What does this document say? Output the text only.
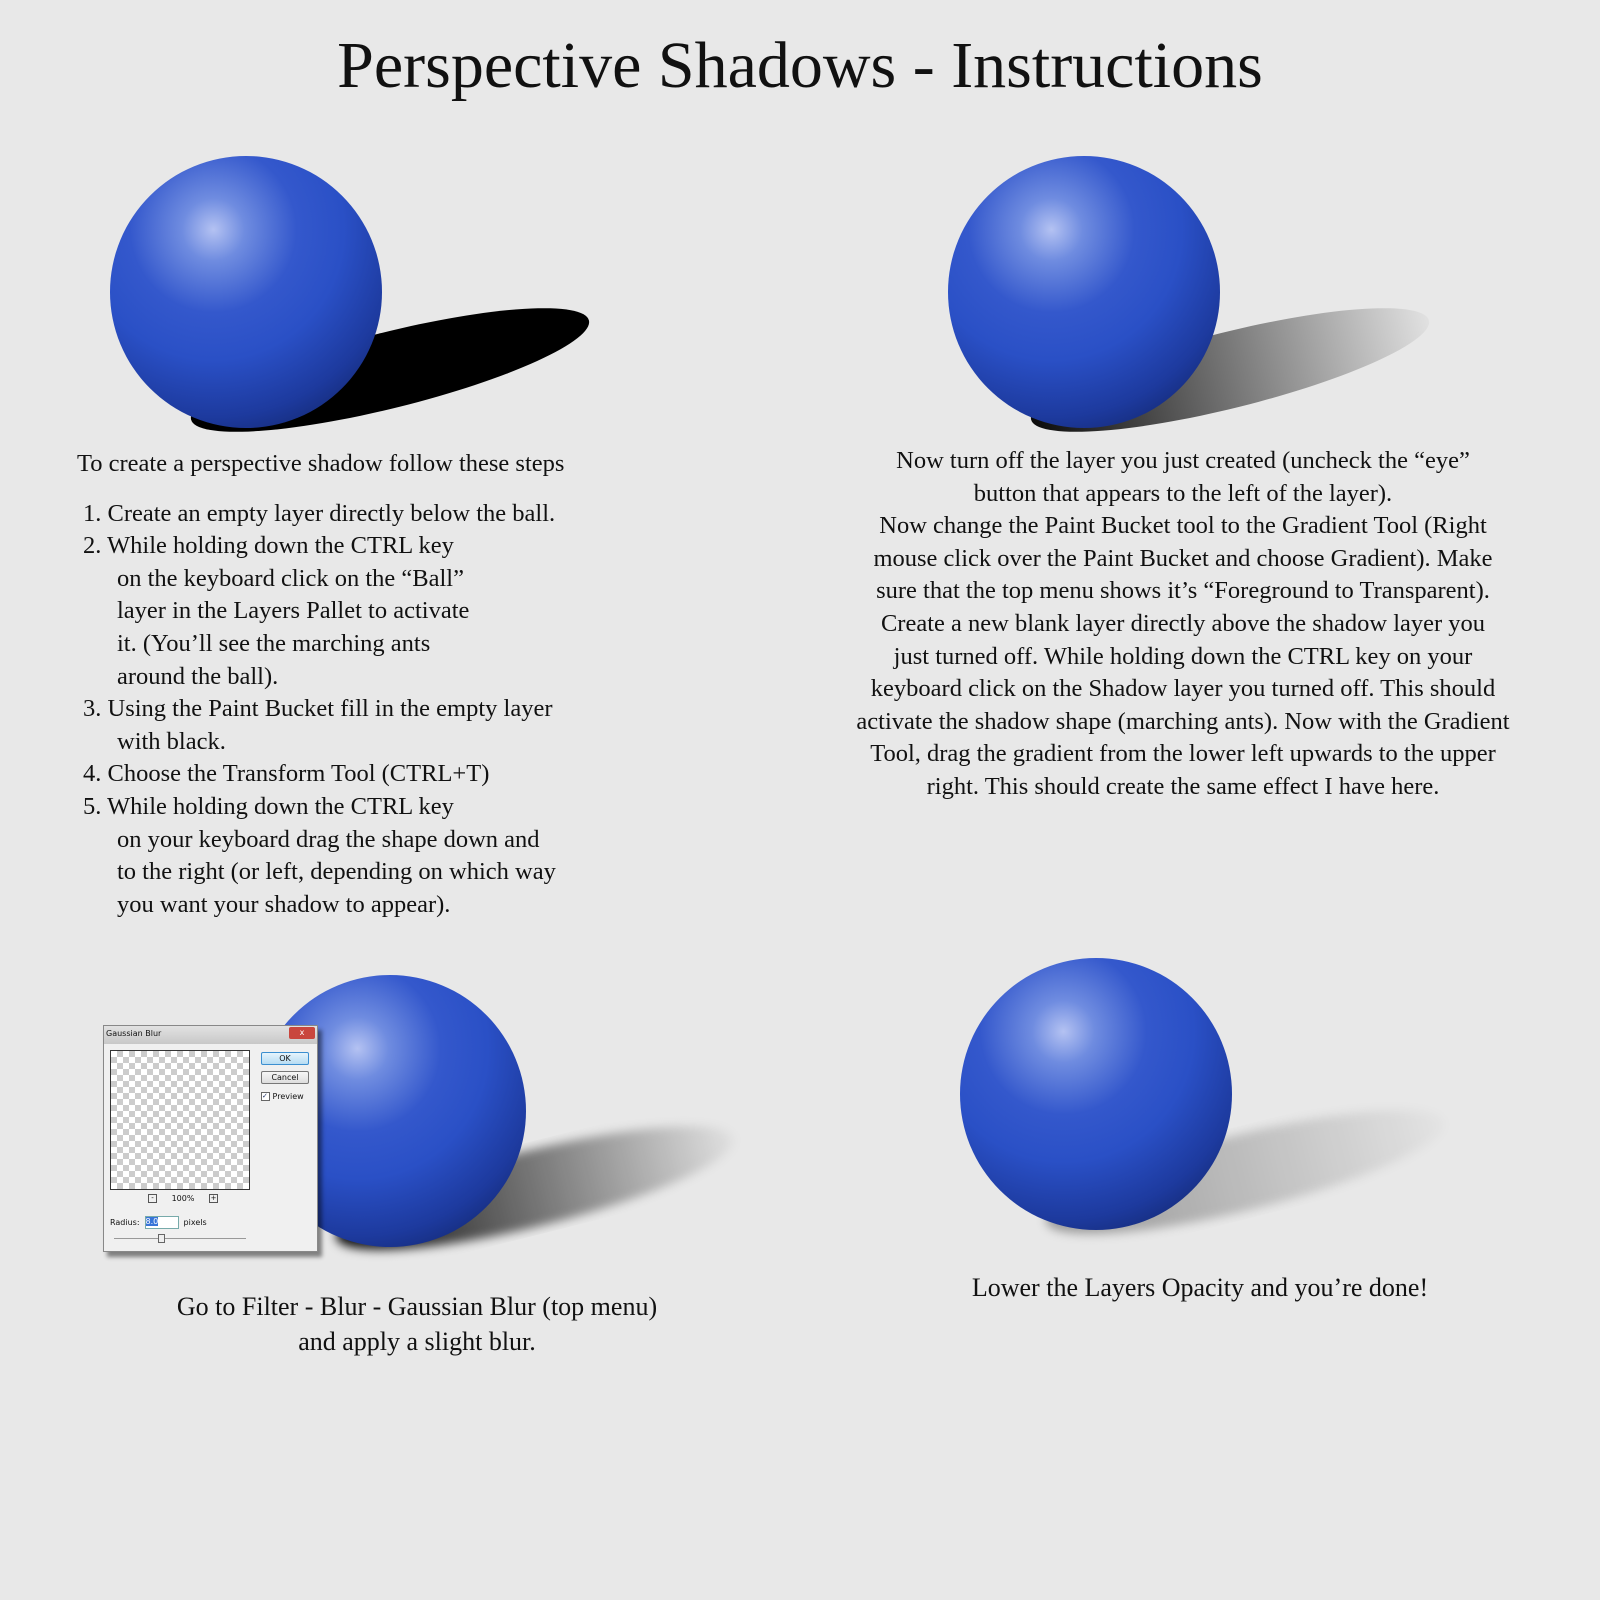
Perspective Shadows - Instructions
To create a perspective shadow follow these steps
1. Create an empty layer directly below the ball.
2. While holding down the CTRL key
on the keyboard click on the “Ball”
layer in the Layers Pallet to activate
it. (You’ll see the marching ants
around the ball).
3. Using the Paint Bucket fill in the empty layer
with black.
4. Choose the Transform Tool (CTRL+T)
5. While holding down the CTRL key
on your keyboard drag the shape down and
to the right (or left, depending on which way
you want your shadow to appear).
Now turn off the layer you just created (uncheck the “eye”
button that appears to the left of the layer).
Now change the Paint Bucket tool to the Gradient Tool (Right
mouse click over the Paint Bucket and choose Gradient). Make
sure that the top menu shows it’s “Foreground to Transparent).
Create a new blank layer directly above the shadow layer you
just turned off. While holding down the CTRL key on your
keyboard click on the Shadow layer you turned off. This should
activate the shadow shape (marching ants). Now with the Gradient
Tool, drag the gradient from the lower left upwards to the upper
right. This should create the same effect I have here.
Gaussian Blur	x
OK
Cancel
✓ Preview
-	100% +
Radius: 8.0	pixels
Go to Filter - Blur - Gaussian Blur (top menu)
and apply a slight blur.
Lower the Layers Opacity and you’re done!
